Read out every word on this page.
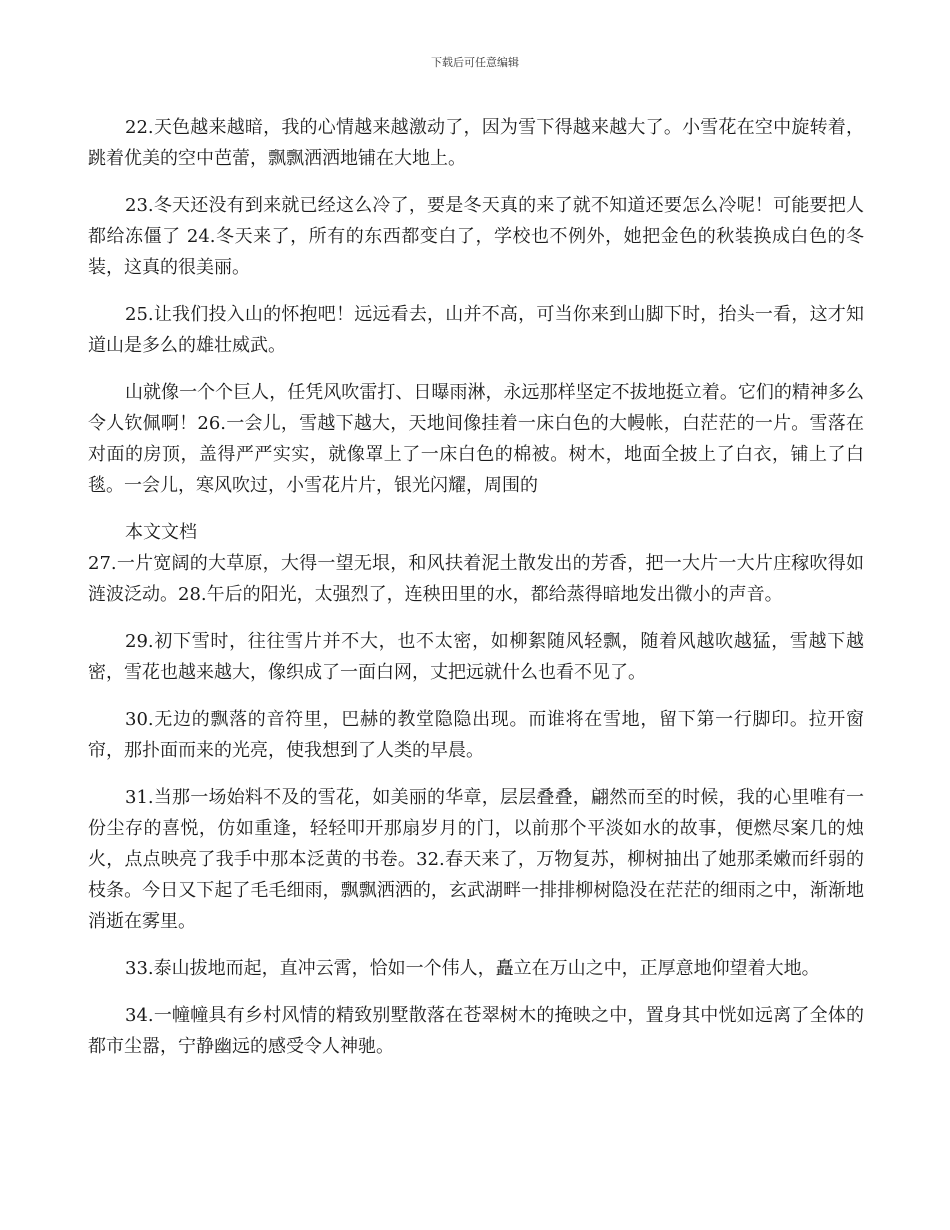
下载后可任意编辑

22.天色越来越暗，我的心情越来越激动了，因为雪下得越来越大了。小雪花在空中旋转着，跳着优美的空中芭蕾，飘飘洒洒地铺在大地上。

23.冬天还没有到来就已经这么冷了，要是冬天真的来了就不知道还要怎么冷呢！可能要把人都给冻僵了 24.冬天来了，所有的东西都变白了，学校也不例外，她把金色的秋装换成白色的冬装，这真的很美丽。

25.让我们投入山的怀抱吧！远远看去，山并不高，可当你来到山脚下时，抬头一看，这才知道山是多么的雄壮威武。

山就像一个个巨人，任凭风吹雷打、日曝雨淋，永远那样坚定不拔地挺立着。它们的精神多么令人钦佩啊！26.一会儿，雪越下越大，天地间像挂着一床白色的大幔帐，白茫茫的一片。雪落在对面的房顶，盖得严严实实，就像罩上了一床白色的棉被。树木，地面全披上了白衣，铺上了白毯。一会儿，寒风吹过，小雪花片片，银光闪耀，周围的

本文文档

27.一片宽阔的大草原，大得一望无垠，和风扶着泥土散发出的芳香，把一大片一大片庄稼吹得如涟波泛动。28.午后的阳光，太强烈了，连秧田里的水，都给蒸得暗地发出微小的声音。

29.初下雪时，往往雪片并不大，也不太密，如柳絮随风轻飘，随着风越吹越猛，雪越下越密，雪花也越来越大，像织成了一面白网，丈把远就什么也看不见了。

30.无边的飘落的音符里，巴赫的教堂隐隐出现。而谁将在雪地，留下第一行脚印。拉开窗帘，那扑面而来的光亮，使我想到了人类的早晨。

31.当那一场始料不及的雪花，如美丽的华章，层层叠叠，翩然而至的时候，我的心里唯有一份尘存的喜悦，仿如重逢，轻轻叩开那扇岁月的门，以前那个平淡如水的故事，便燃尽案几的烛火，点点映亮了我手中那本泛黄的书卷。32.春天来了，万物复苏，柳树抽出了她那柔嫩而纤弱的枝条。今日又下起了毛毛细雨，飘飘洒洒的，玄武湖畔一排排柳树隐没在茫茫的细雨之中，渐渐地消逝在雾里。

33.泰山拔地而起，直冲云霄，恰如一个伟人，矗立在万山之中，正厚意地仰望着大地。

34.一幢幢具有乡村风情的精致别墅散落在苍翠树木的掩映之中，置身其中恍如远离了全体的都市尘嚣，宁静幽远的感受令人神驰。
